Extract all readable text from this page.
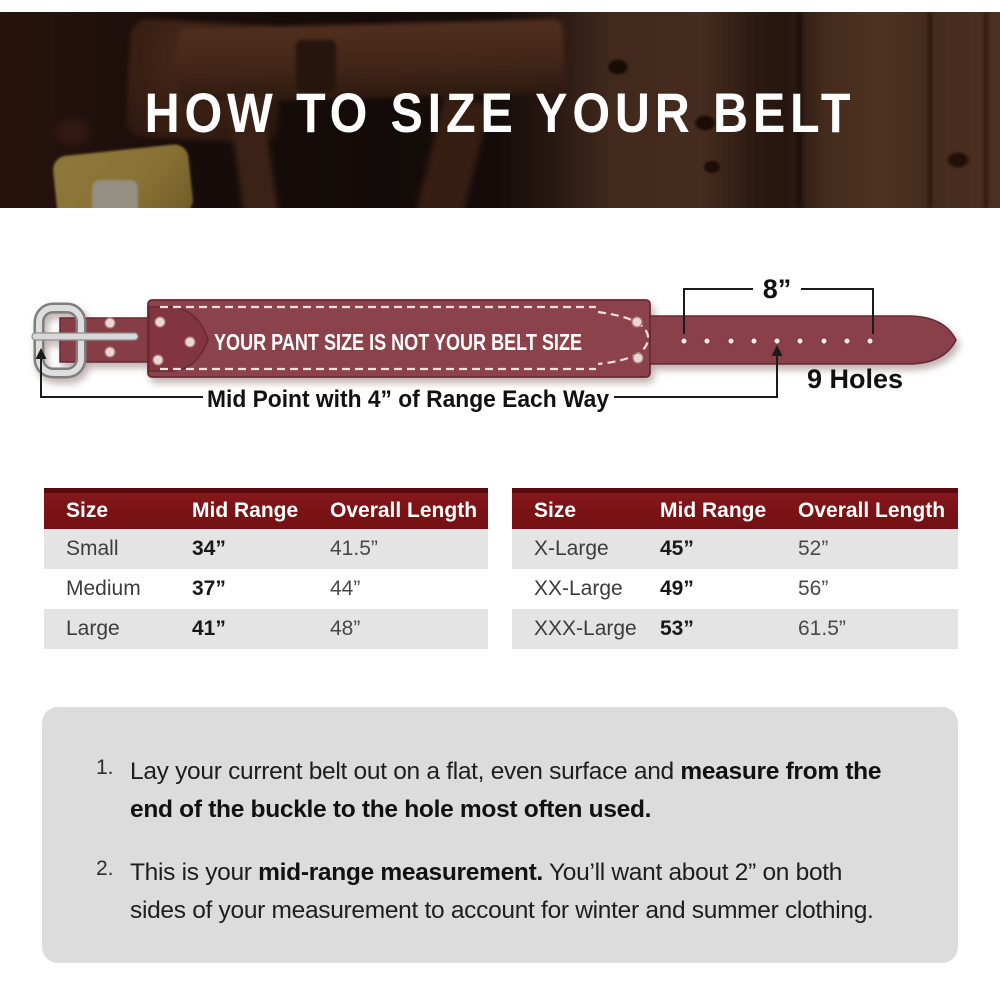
HOW TO SIZE YOUR BELT
YOUR PANT SIZE IS NOT YOUR BELT SIZE
8”
9 Holes
Mid Point with 4” of Range Each Way
Size	Mid Range	Overall Length
Small	34”	41.5”
Medium	37”	44”
Large	41”	48”
Size	Mid Range	Overall Length
X-Large	45”	52”
XX-Large	49”	56”
XXX-Large	53”	61.5”
1. Lay your current belt out on a flat, even surface and measure from the
end of the buckle to the hole most often used.
2. This is your mid-range measurement. You’ll want about 2” on both
sides of your measurement to account for winter and summer clothing.
